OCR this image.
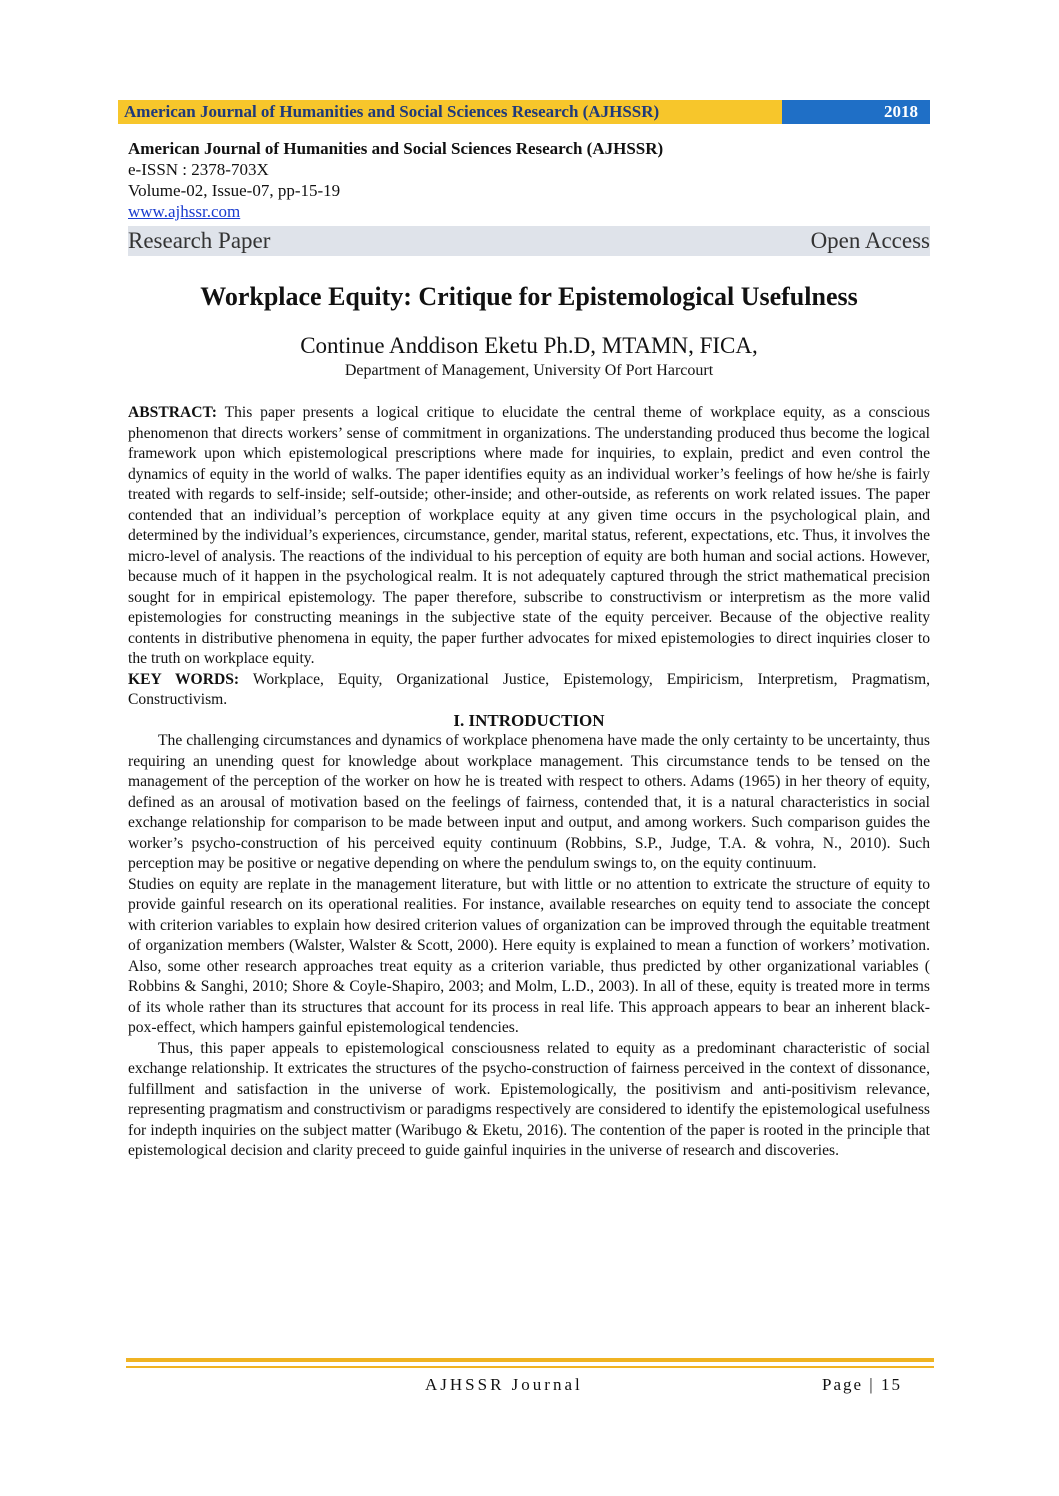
American Journal of Humanities and Social Sciences Research (AJHSSR)	2018
American Journal of Humanities and Social Sciences Research (AJHSSR)
e-ISSN : 2378-703X
Volume-02, Issue-07, pp-15-19
www.ajhssr.com
Research Paper	Open Access
Workplace Equity: Critique for Epistemological Usefulness
Continue Anddison Eketu Ph.D, MTAMN, FICA,
Department of Management, University Of Port Harcourt

ABSTRACT: This paper presents a logical critique to elucidate the central theme of workplace equity, as a conscious phenomenon that directs workers’ sense of commitment in organizations. The understanding produced thus become the logical framework upon which epistemological prescriptions where made for inquiries, to explain, predict and even control the dynamics of equity in the world of walks. The paper identifies equity as an individual worker’s feelings of how he/she is fairly treated with regards to self-inside; self-outside; other-inside; and other-outside, as referents on work related issues. The paper contended that an individual’s perception of workplace equity at any given time occurs in the psychological plain, and determined by the individual’s experiences, circumstance, gender, marital status, referent, expectations, etc. Thus, it involves the micro-level of analysis. The reactions of the individual to his perception of equity are both human and social actions. However, because much of it happen in the psychological realm. It is not adequately captured through the strict mathematical precision sought for in empirical epistemology. The paper therefore, subscribe to constructivism or interpretism as the more valid epistemologies for constructing meanings in the subjective state of the equity perceiver. Because of the objective reality contents in distributive phenomena in equity, the paper further advocates for mixed epistemologies to direct inquiries closer to the truth on workplace equity.

KEY WORDS: Workplace, Equity, Organizational Justice, Epistemology, Empiricism, Interpretism, Pragmatism, Constructivism.

I. INTRODUCTION

The challenging circumstances and dynamics of workplace phenomena have made the only certainty to be uncertainty, thus requiring an unending quest for knowledge about workplace management. This circumstance tends to be tensed on the management of the perception of the worker on how he is treated with respect to others. Adams (1965) in her theory of equity, defined as an arousal of motivation based on the feelings of fairness, contended that, it is a natural characteristics in social exchange relationship for comparison to be made between input and output, and among workers. Such comparison guides the worker’s psycho-construction of his perceived equity continuum (Robbins, S.P., Judge, T.A. & vohra, N., 2010). Such perception may be positive or negative depending on where the pendulum swings to, on the equity continuum.

Studies on equity are replate in the management literature, but with little or no attention to extricate the structure of equity to provide gainful research on its operational realities. For instance, available researches on equity tend to associate the concept with criterion variables to explain how desired criterion values of organization can be improved through the equitable treatment of organization members (Walster, Walster & Scott, 2000). Here equity is explained to mean a function of workers’ motivation. Also, some other research approaches treat equity as a criterion variable, thus predicted by other organizational variables ( Robbins & Sanghi, 2010; Shore & Coyle-Shapiro, 2003; and Molm, L.D., 2003). In all of these, equity is treated more in terms of its whole rather than its structures that account for its process in real life. This approach appears to bear an inherent black-pox-effect, which hampers gainful epistemological tendencies.

Thus, this paper appeals to epistemological consciousness related to equity as a predominant characteristic of social exchange relationship. It extricates the structures of the psycho-construction of fairness perceived in the context of dissonance, fulfillment and satisfaction in the universe of work. Epistemologically, the positivism and anti-positivism relevance, representing pragmatism and constructivism or paradigms respectively are considered to identify the epistemological usefulness for indepth inquiries on the subject matter (Waribugo & Eketu, 2016). The contention of the paper is rooted in the principle that epistemological decision and clarity preceed to guide gainful inquiries in the universe of research and discoveries.

AJHSSR Journal	Page | 15
